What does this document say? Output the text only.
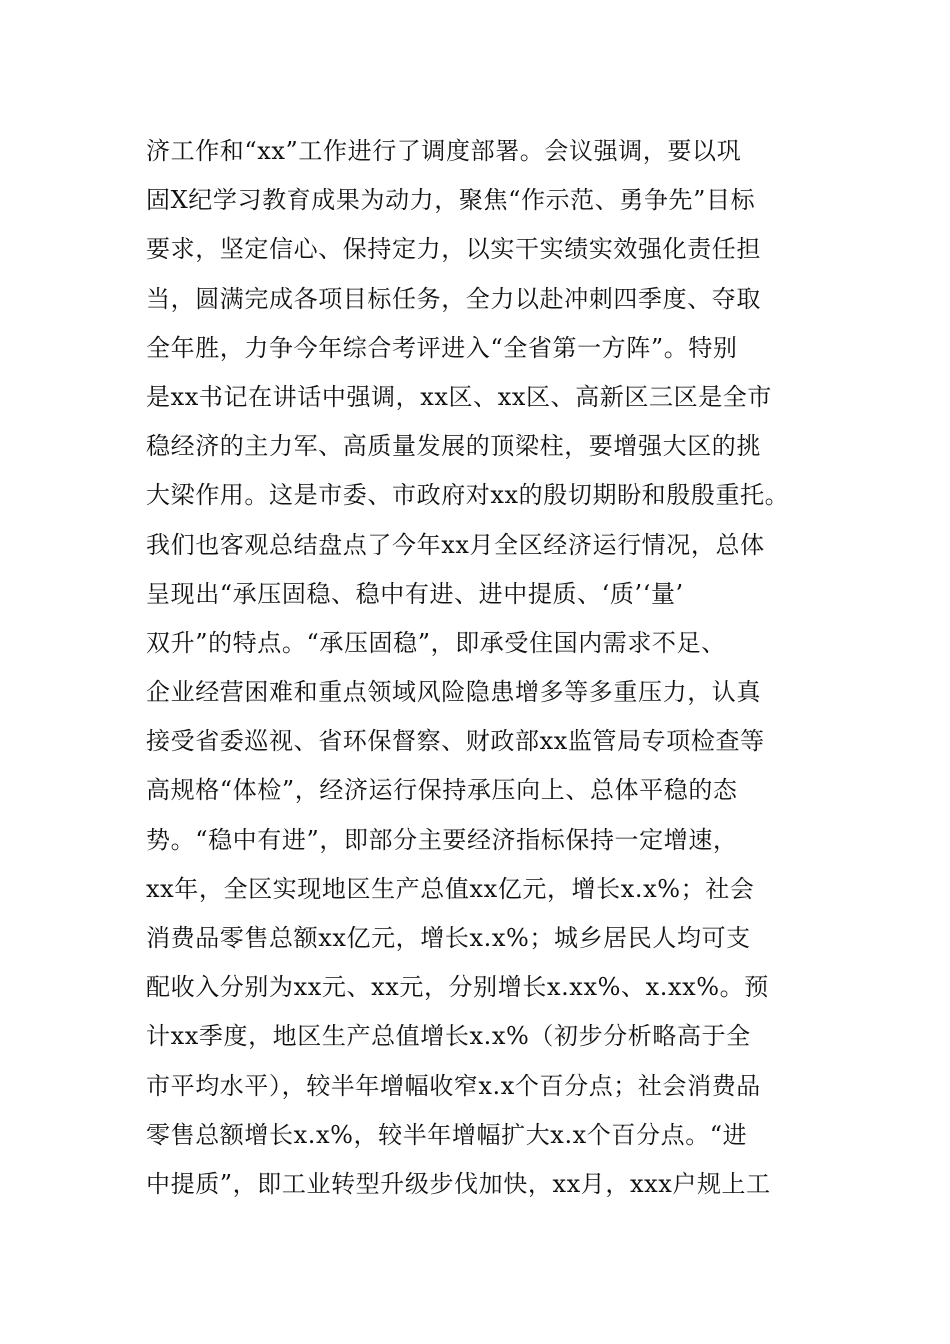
济工作和“xx”工作进行了调度部署。会议强调，要以巩
固X纪学习教育成果为动力，聚焦“作示范、勇争先”目标
要求，坚定信心、保持定力，以实干实绩实效强化责任担
当，圆满完成各项目标任务，全力以赴冲刺四季度、夺取
全年胜，力争今年综合考评进入“全省第一方阵”。特别
是xx书记在讲话中强调，xx区、xx区、高新区三区是全市
稳经济的主力军、高质量发展的顶梁柱，要增强大区的挑
大梁作用。这是市委、市政府对xx的殷切期盼和殷殷重托。
我们也客观总结盘点了今年xx月全区经济运行情况，总体
呈现出“承压固稳、稳中有进、进中提质、‘质’‘量’
双升”的特点。“承压固稳”，即承受住国内需求不足、
企业经营困难和重点领域风险隐患增多等多重压力，认真
接受省委巡视、省环保督察、财政部xx监管局专项检查等
高规格“体检”，经济运行保持承压向上、总体平稳的态
势。“稳中有进”，即部分主要经济指标保持一定增速，
xx年，全区实现地区生产总值xx亿元，增长x.x%；社会
消费品零售总额xx亿元，增长x.x%；城乡居民人均可支
配收入分别为xx元、xx元，分别增长x.xx%、x.xx%。预
计xx季度，地区生产总值增长x.x%（初步分析略高于全
市平均水平），较半年增幅收窄x.x个百分点；社会消费品
零售总额增长x.x%，较半年增幅扩大x.x个百分点。“进
中提质”，即工业转型升级步伐加快，xx月，xxx户规上工
